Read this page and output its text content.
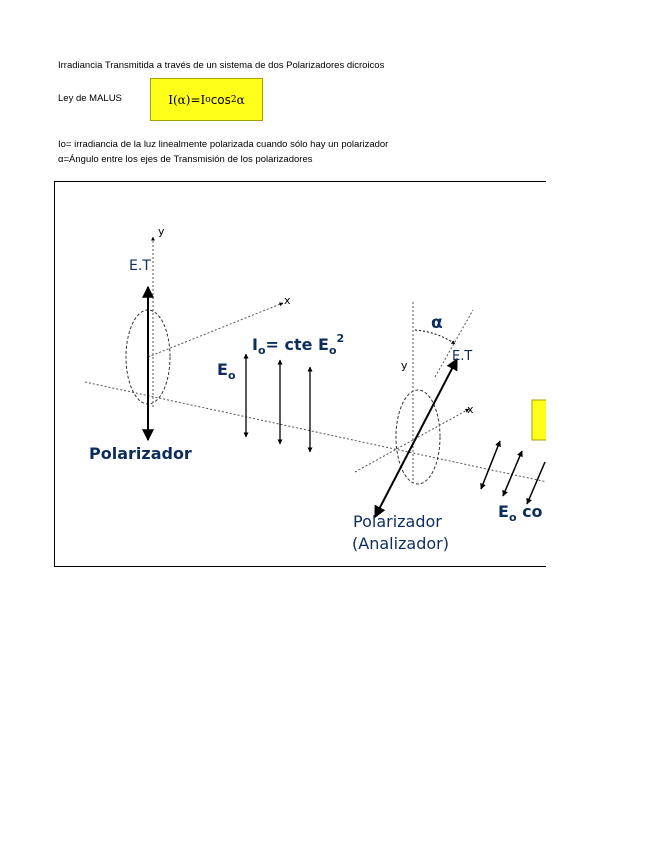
Irradiancia Transmitida a través de un sistema de dos Polarizadores dicroicos
Ley de MALUS	I(α)=I o cos 2 α
Io= irradiancia de la luz linealmente polarizada cuando sólo hay un polarizador
α=Ángulo entre los ejes de Transmisión de los polarizadores
y
x
E.T
Polarizador
$E_o$
$I_o=$ cte $E_o^2$
α
y
x
E.T
Polarizador
(Analizador)
$E_o$ co
